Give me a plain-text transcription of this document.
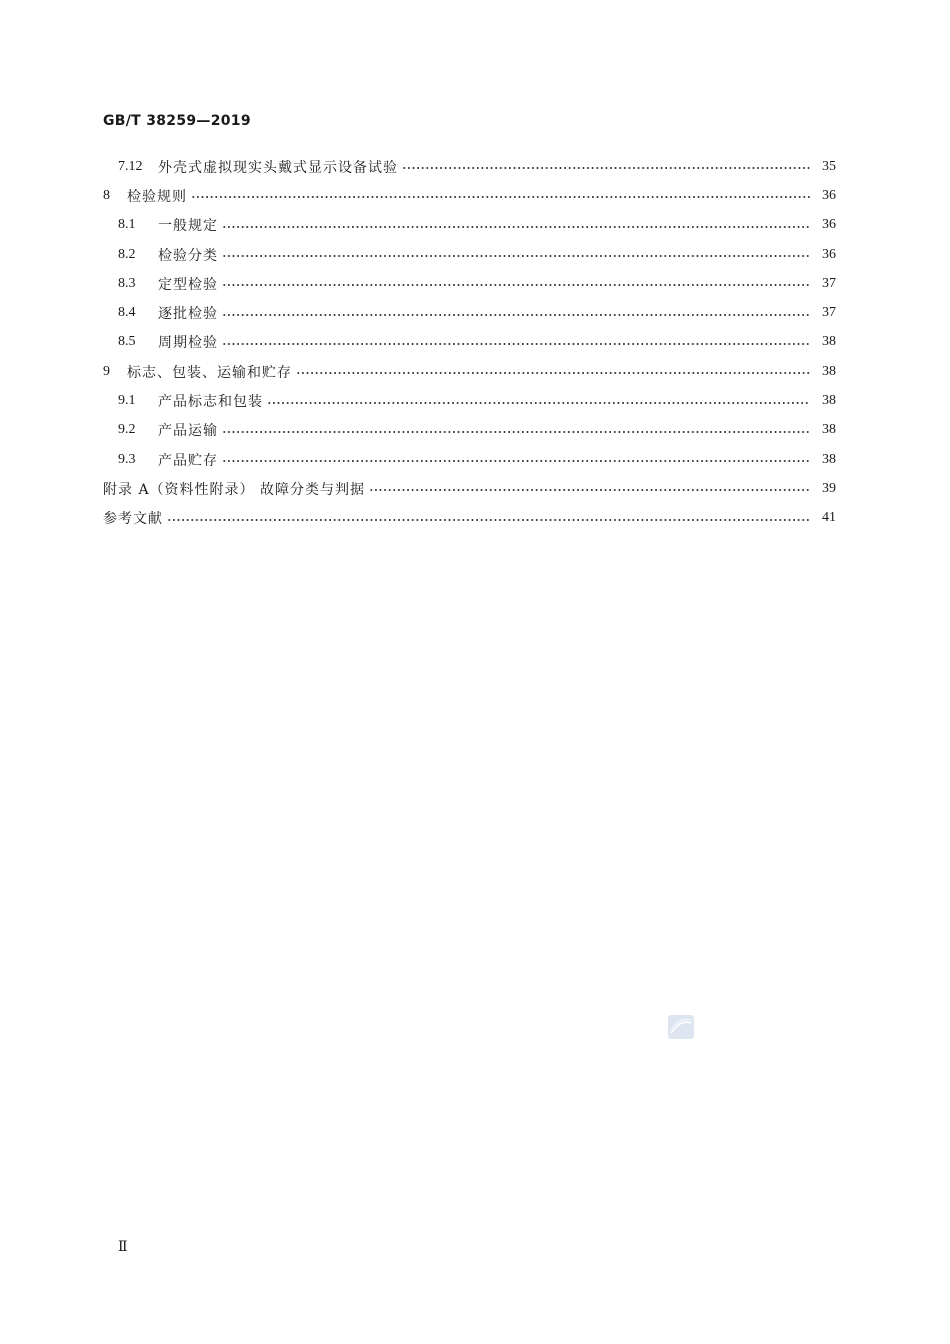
GB/T 38259—2019
7.12	外壳式虚拟现实头戴式显示设备试验	35
8	检验规则	36
8.1	一般规定	36
8.2	检验分类	36
8.3	定型检验	37
8.4	逐批检验	37
8.5	周期检验	38
9	标志、包装、运输和贮存	38
9.1	产品标志和包装	38
9.2	产品运输	38
9.3	产品贮存	38
附录 A（资料性附录） 故障分类与判据	39
参考文献	41
Ⅱ
